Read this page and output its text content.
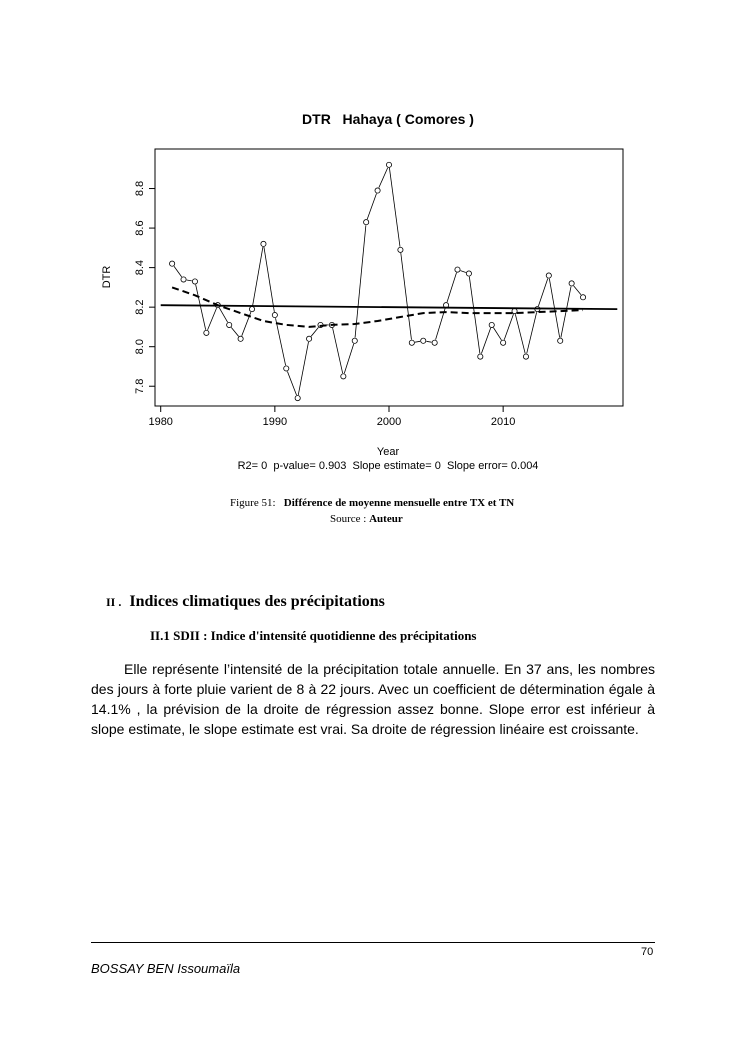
DTR   Hahaya ( Comores )
1980	1990	2000	2010
7.8
8.0
8.2
8.4
8.6
8.8
DTR
Year
R2= 0  p-value= 0.903  Slope estimate= 0  Slope error= 0.004
Figure 51: Différence de moyenne mensuelle entre TX et TN
Source : Auteur
II . Indices climatiques des précipitations
II.1 SDII : Indice d'intensité quotidienne des précipitations
Elle représente l’intensité de la précipitation totale annuelle. En 37 ans, les nombres des jours à forte pluie varient de 8 à 22 jours. Avec un coefficient de détermination égale à 14.1% , la prévision de la droite de régression assez bonne. Slope error est inférieur à slope estimate, le slope estimate est vrai. Sa droite de régression linéaire est croissante.
70
BOSSAY BEN Issoumaïla
